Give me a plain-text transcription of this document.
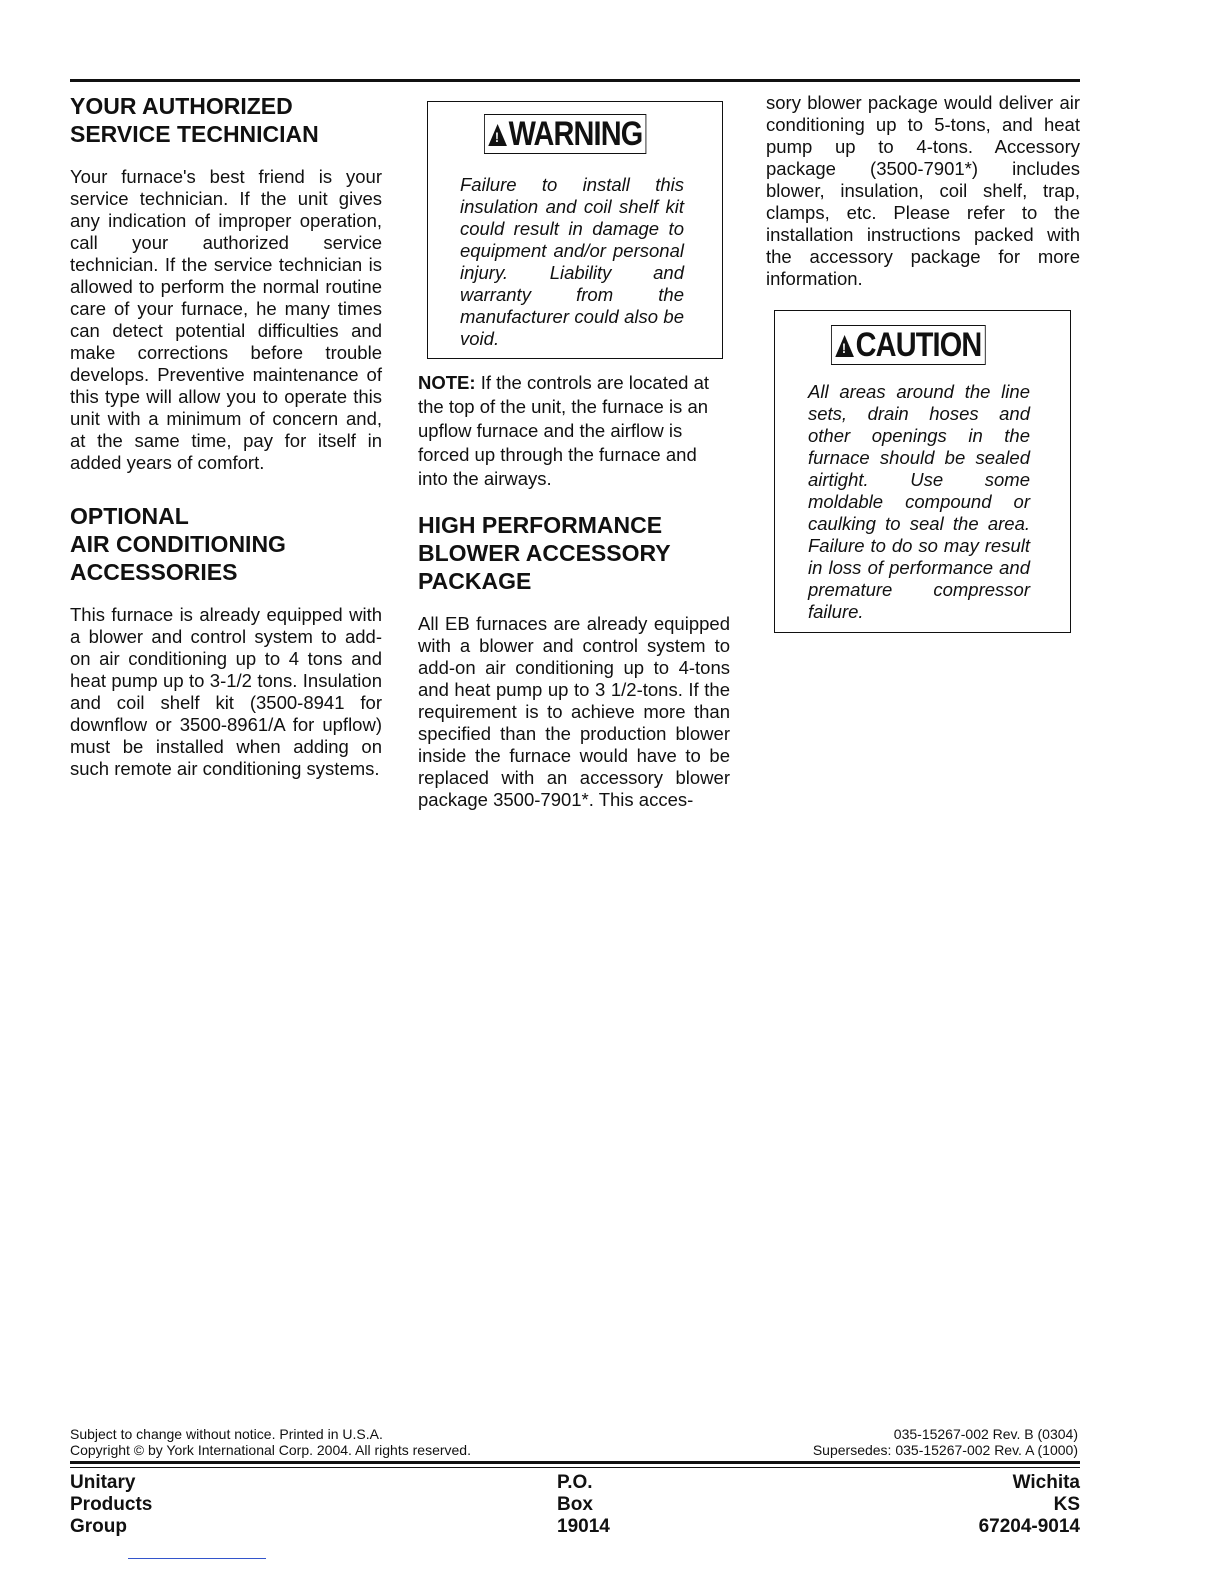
YOUR AUTHORIZED
SERVICE TECHNICIAN

Your furnace's best friend is your service technician. If the unit gives any indication of improper operation, call your authorized service technician. If the service technician is allowed to perform the normal routine care of your furnace, he many times can detect potential difficulties and make corrections before trouble develops. Preventive maintenance of this type will allow you to operate this unit with a minimum of concern and, at the same time, pay for itself in added years of comfort.

OPTIONAL
AIR CONDITIONING
ACCESSORIES

This furnace is already equipped with a blower and control system to add-on air conditioning up to 4 tons and heat pump up to 3-1/2 tons. Insulation and coil shelf kit (3500-8941 for downflow or 3500-8961/A for upflow) must be installed when adding on such remote air conditioning systems.

!WARNING
Failure to install this insulation and coil shelf kit could result in damage to equipment and/or personal injury. Liability and warranty from the manufacturer could also be void.

NOTE: If the controls are located at the top of the unit, the furnace is an upflow furnace and the airflow is forced up through the furnace and into the airways.

HIGH PERFORMANCE
BLOWER ACCESSORY
PACKAGE

All EB furnaces are already equipped with a blower and control system to add-on air conditioning up to 4-tons and heat pump up to 3 1/2-tons. If the requirement is to achieve more than specified than the production blower inside the furnace would have to be replaced with an accessory blower package 3500-7901*. This acces-

sory blower package would deliver air conditioning up to 5-tons, and heat pump up to 4-tons. Accessory package (3500-7901*) includes blower, insulation, coil shelf, trap, clamps, etc. Please refer to the installation instructions packed with the accessory package for more information.

!CAUTION
All areas around the line sets, drain hoses and other openings in the furnace should be sealed airtight. Use some moldable compound or caulking to seal the area. Failure to do so may result in loss of performance and premature compressor failure.
Subject to change without notice. Printed in U.S.A.
Copyright © by York International Corp. 2004. All rights reserved.
035-15267-002 Rev. B (0304)
Supersedes: 035-15267-002 Rev. A (1000)
Unitary
Products
Group
P.O.
Box
19014
Wichita
KS
67204-9014
